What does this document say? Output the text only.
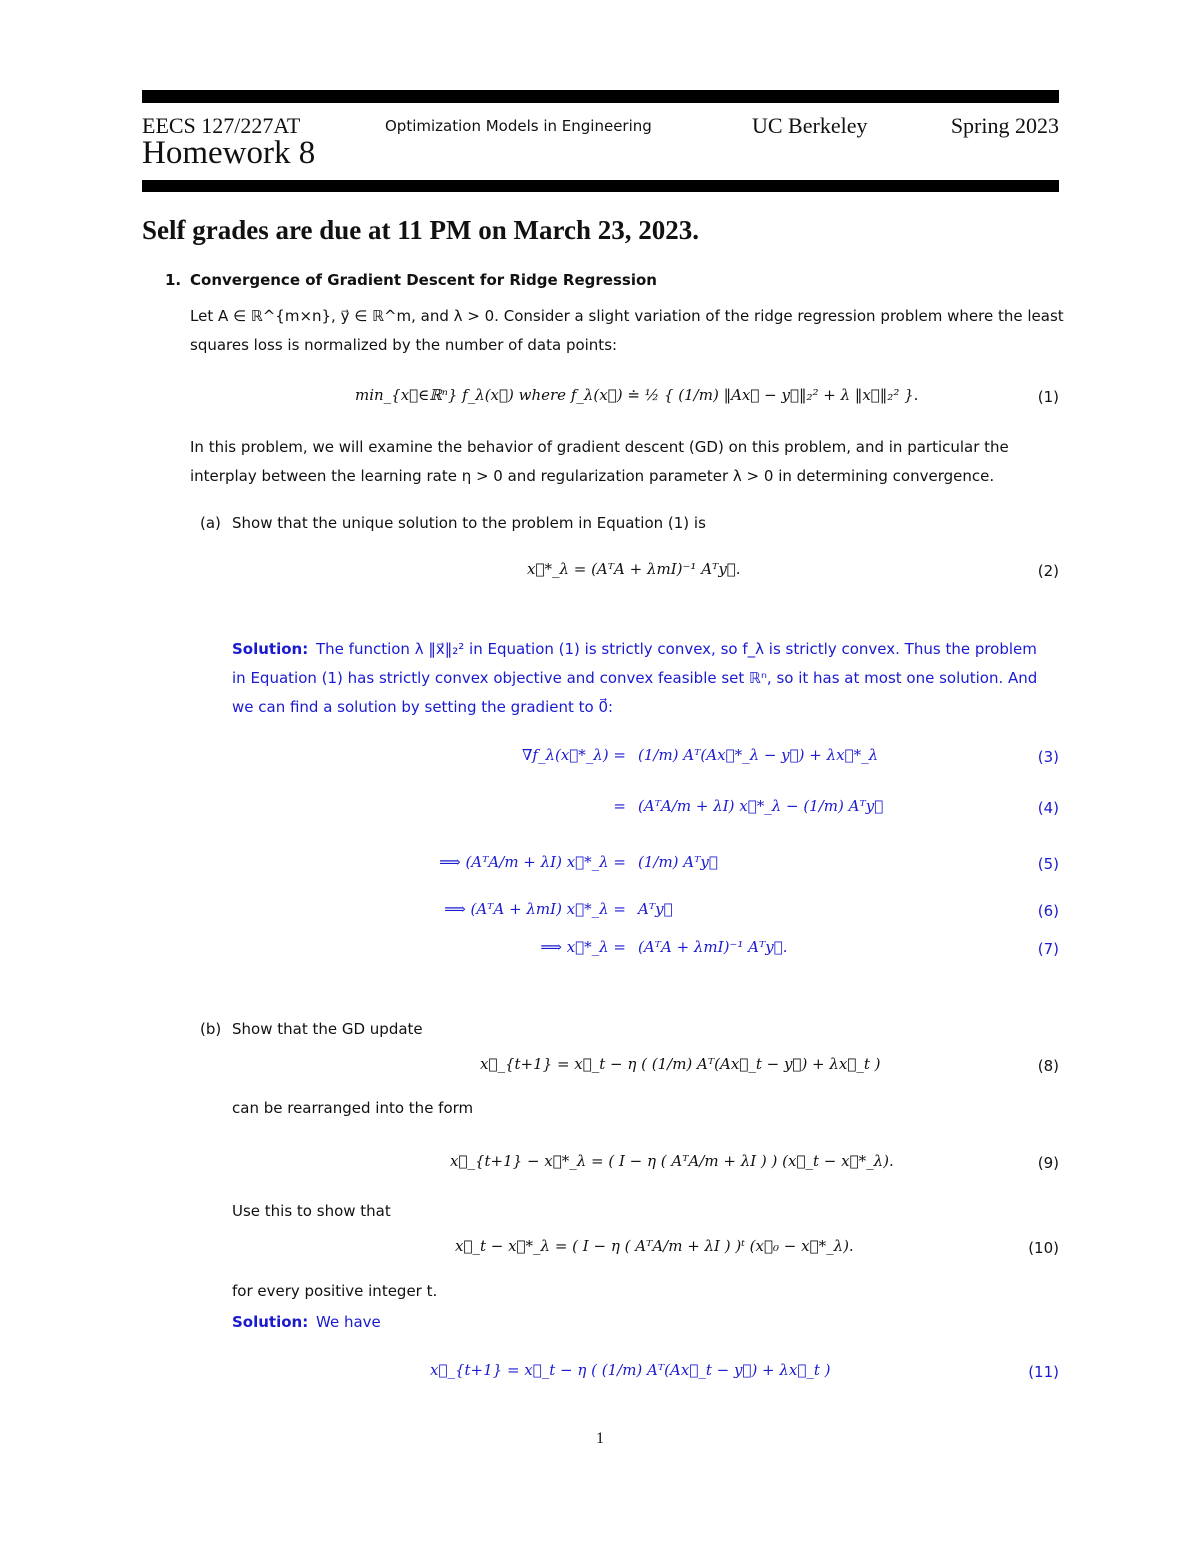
EECS 127/227AT	Optimization Models in Engineering	UC Berkeley	Spring 2023
Homework 8
Self grades are due at 11 PM on March 23, 2023.
1. Convergence of Gradient Descent for Ridge Regression
Let A ∈ ℝ^{m×n}, y⃗ ∈ ℝ^m, and λ > 0. Consider a slight variation of the ridge regression problem where the least
squares loss is normalized by the number of data points:
min_{x⃗∈ℝⁿ} f_λ(x⃗) where f_λ(x⃗) ≐ ½ { (1/m) ‖Ax⃗ − y⃗‖₂² + λ ‖x⃗‖₂² }.	(1)
In this problem, we will examine the behavior of gradient descent (GD) on this problem, and in particular the
interplay between the learning rate η > 0 and regularization parameter λ > 0 in determining convergence.
(a) Show that the unique solution to the problem in Equation (1) is
x⃗*_λ = (AᵀA + λmI)⁻¹ Aᵀy⃗.	(2)
Solution: The function λ ‖x⃗‖₂² in Equation (1) is strictly convex, so f_λ is strictly convex. Thus the problem
in Equation (1) has strictly convex objective and convex feasible set ℝⁿ, so it has at most one solution. And
we can find a solution by setting the gradient to 0⃗:
∇f_λ(x⃗*_λ) = (1/m) Aᵀ(Ax⃗*_λ − y⃗) + λx⃗*_λ	(3)
= (AᵀA/m + λI) x⃗*_λ − (1/m) Aᵀy⃗	(4)
⟹ (AᵀA/m + λI) x⃗*_λ = (1/m) Aᵀy⃗	(5)
⟹ (AᵀA + λmI) x⃗*_λ = Aᵀy⃗	(6)
⟹ x⃗*_λ = (AᵀA + λmI)⁻¹ Aᵀy⃗.	(7)
(b) Show that the GD update
x⃗_{t+1} = x⃗_t − η ( (1/m) Aᵀ(Ax⃗_t − y⃗) + λx⃗_t )	(8)
can be rearranged into the form
x⃗_{t+1} − x⃗*_λ = ( I − η ( AᵀA/m + λI ) ) (x⃗_t − x⃗*_λ).	(9)
Use this to show that
x⃗_t − x⃗*_λ = ( I − η ( AᵀA/m + λI ) )ᵗ (x⃗₀ − x⃗*_λ).	(10)
for every positive integer t.
Solution: We have
x⃗_{t+1} = x⃗_t − η ( (1/m) Aᵀ(Ax⃗_t − y⃗) + λx⃗_t )	(11)
1
